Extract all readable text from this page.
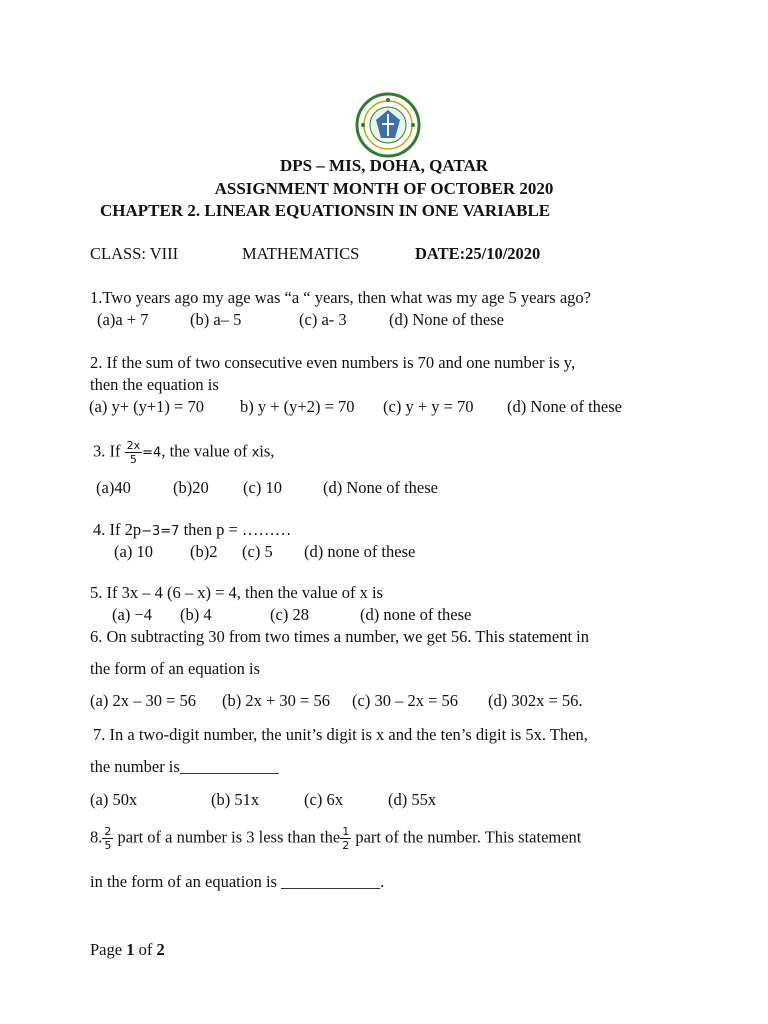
DPS – MIS, DOHA, QATAR
ASSIGNMENT MONTH OF OCTOBER 2020
CHAPTER 2. LINEAR EQUATIONSIN IN ONE VARIABLE
CLASS: VIII	MATHEMATICS	DATE:25/10/2020
1.Two years ago my age was “a “ years, then what was my age 5 years ago?
(a)a + 7	(b) a– 5	(c) a- 3	(d) None of these
2. If the sum of two consecutive even numbers is 70 and one number is y,
then the equation is
(a) y+ (y+1) = 70 b) y + (y+2) = 70 (c) y + y = 70 (d) None of these
3. If $\frac{2x}{5} =4$, the value of xis,
(a)40	(b)20 (c) 10 (d) None of these
4. If 2p−3=7 then p = ………
(a) 10 (b)2 (c) 5 (d) none of these
5. If 3x – 4 (6 – x) = 4, then the value of x is
(a) −4 (b) 4	(c) 28	(d) none of these
6. On subtracting 30 from two times a number, we get 56. This statement in
the form of an equation is
(a) 2x – 30 = 56 (b) 2x + 30 = 56 (c) 30 – 2x = 56 (d) 302x = 56.
7. In a two-digit number, the unit’s digit is x and the ten’s digit is 5x. Then,
the number is____________
(a) 50x	(b) 51x	(c) 6x	(d) 55x
8. $\frac{2}{5}$ part of a number is 3 less than the $\frac{1}{2}$ part of the number. This statement
in the form of an equation is ____________.
Page 1 of 2
